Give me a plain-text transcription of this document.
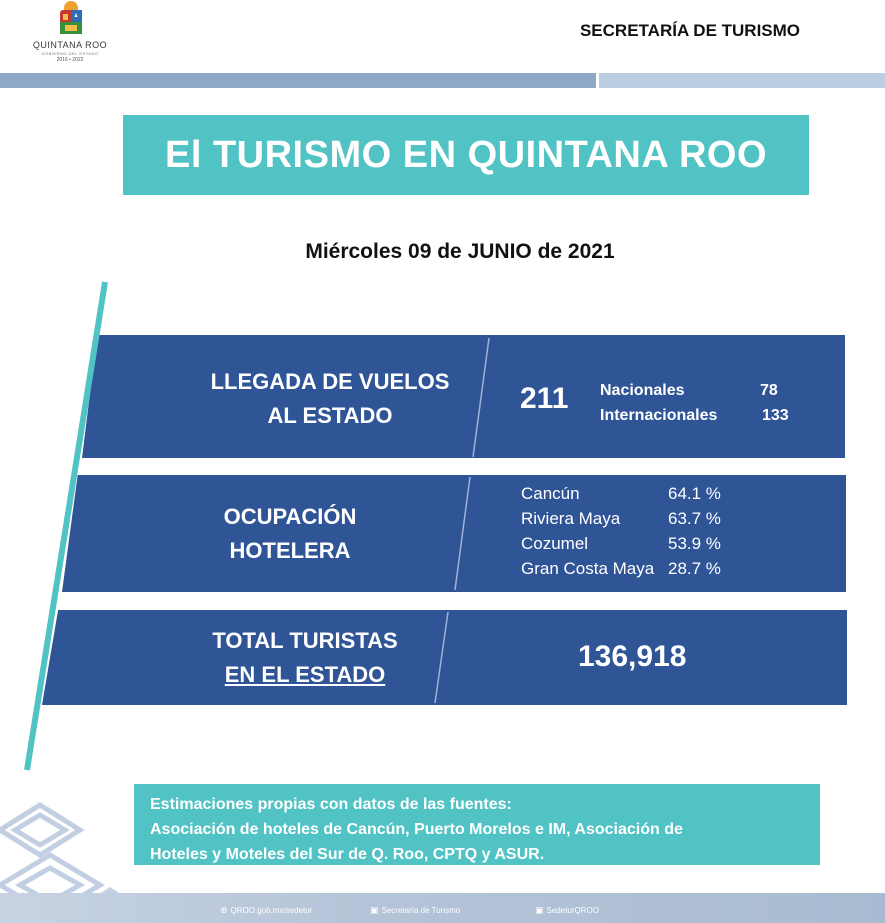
QUINTANA ROO
GOBIERNO DEL ESTADO
2016 • 2022
SECRETARÍA DE TURISMO
El TURISMO EN QUINTANA ROO
Miércoles 09 de JUNIO de 2021
LLEGADA DE VUELOS
AL ESTADO
211 Nacionales	78
Internacionales	133
OCUPACIÓN
HOTELERA
Cancún	64.1 %
Riviera Maya	63.7 %
Cozumel	53.9 %
Gran Costa Maya 28.7 %
TOTAL TURISTAS
EN EL ESTADO
136,918
Estimaciones propias con datos de las fuentes:
Asociación de hoteles de Cancún, Puerto Morelos e IM, Asociación de
Hoteles y Moteles del Sur de Q. Roo, CPTQ y ASUR.
⊕ QROO.gob.mx/sedetur	▣ Secretaría de Turismo	▣ SedeturQROO
